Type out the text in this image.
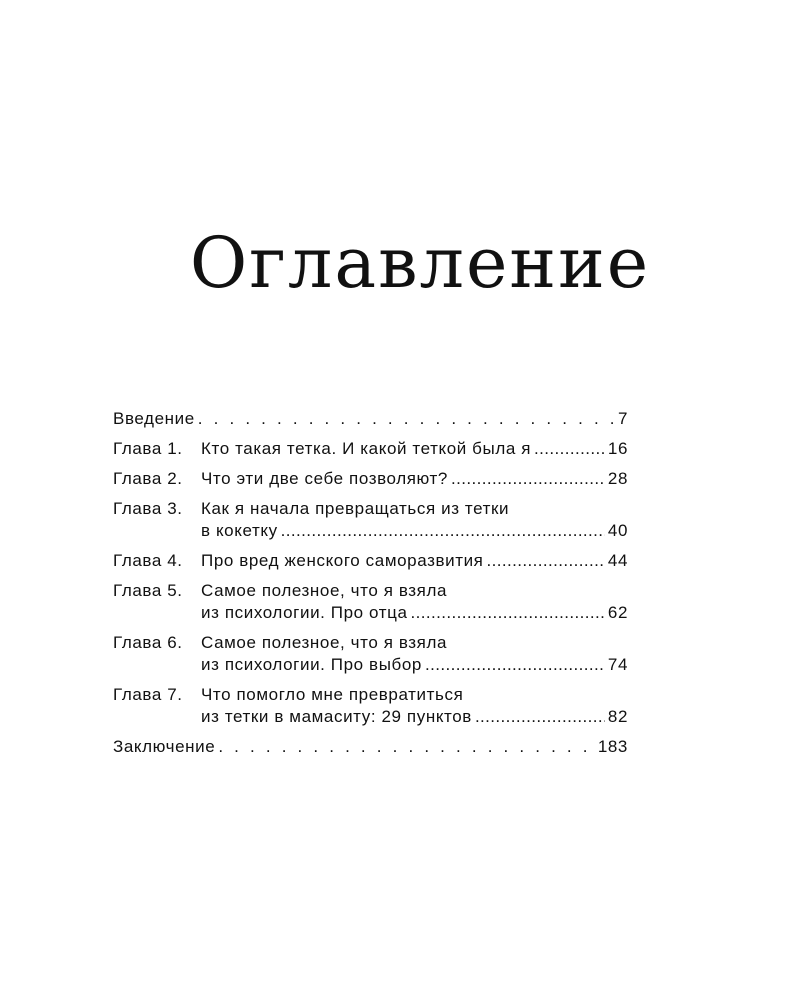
Оглавление
Введение . . .	7
Глава 1.	Кто такая тетка. И какой теткой была я .....	16
Глава 2.	Что эти две себе позволяют? .....	28
Глава 3.	Как я начала превращаться из тетки
в кокетку .....	40
Глава 4.	Про вред женского саморазвития .....	44
Глава 5.	Самое полезное, что я взяла
из психологии. Про отца .....	62
Глава 6.	Самое полезное, что я взяла
из психологии. Про выбор .....	74
Глава 7.	Что помогло мне превратиться
из тетки в мамаситу: 29 пунктов .....	82
Заключение . . .	183
